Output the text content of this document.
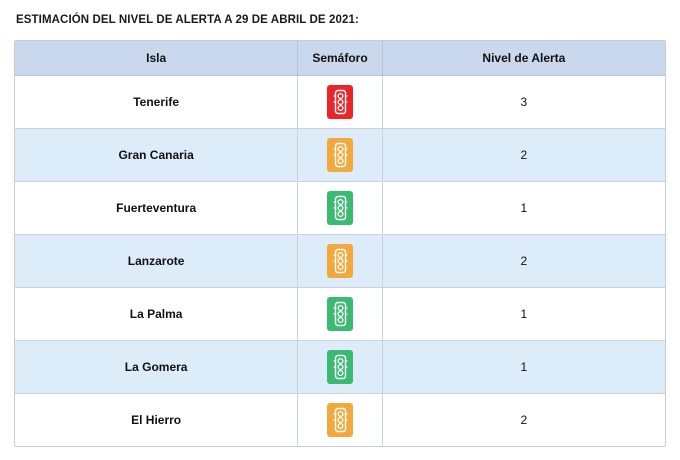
ESTIMACIÓN DEL NIVEL DE ALERTA A 29 DE ABRIL DE 2021:
Isla	Semáforo	Nivel de Alerta
Tenerife		3
Gran Canaria		2
Fuerteventura		1
Lanzarote		2
La Palma		1
La Gomera		1
El Hierro		2
